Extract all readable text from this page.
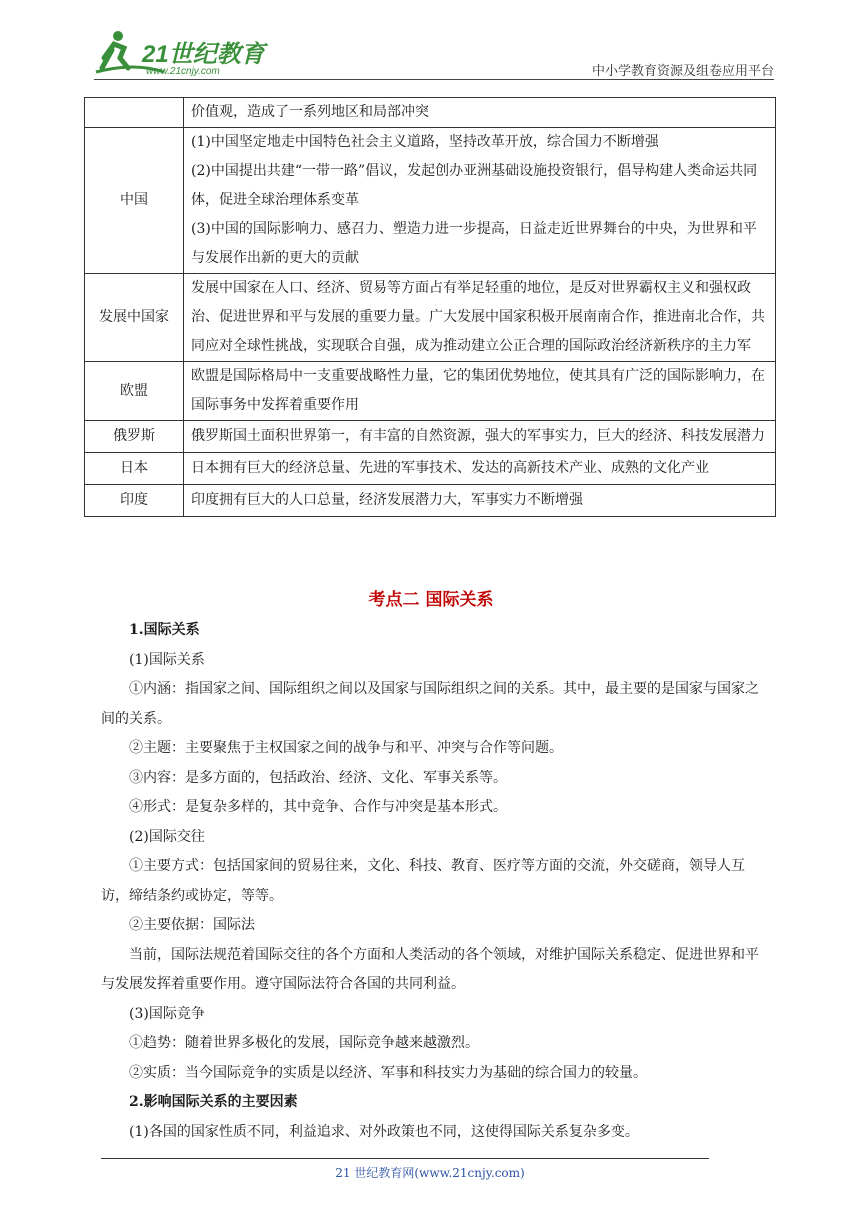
21世纪教育
www.21cnjy.com	中小学教育资源及组卷应用平台

	价值观，造成了一系列地区和局部冲突

中国	(1)中国坚定地走中国特色社会主义道路，坚持改革开放，综合国力不断增强
(2)中国提出共建“一带一路”倡议，发起创办亚洲基础设施投资银行，倡导构建人类命运共同体，促进全球治理体系变革
(3)中国的国际影响力、感召力、塑造力进一步提高，日益走近世界舞台的中央，为世界和平与发展作出新的更大的贡献

发展中国家	发展中国家在人口、经济、贸易等方面占有举足轻重的地位，是反对世界霸权主义和强权政治、促进世界和平与发展的重要力量。广大发展中国家积极开展南南合作，推进南北合作，共同应对全球性挑战，实现联合自强，成为推动建立公正合理的国际政治经济新秩序的主力军

欧盟	欧盟是国际格局中一支重要战略性力量，它的集团优势地位，使其具有广泛的国际影响力，在国际事务中发挥着重要作用

俄罗斯	俄罗斯国土面积世界第一，有丰富的自然资源，强大的军事实力，巨大的经济、科技发展潜力

日本	日本拥有巨大的经济总量、先进的军事技术、发达的高新技术产业、成熟的文化产业

印度	印度拥有巨大的人口总量，经济发展潜力大，军事实力不断增强
考点二 国际关系

1.国际关系

(1)国际关系

①内涵：指国家之间、国际组织之间以及国家与国际组织之间的关系。其中，最主要的是国家与国家之间的关系。

②主题：主要聚焦于主权国家之间的战争与和平、冲突与合作等问题。

③内容：是多方面的，包括政治、经济、文化、军事关系等。

④形式：是复杂多样的，其中竞争、合作与冲突是基本形式。

(2)国际交往

①主要方式：包括国家间的贸易往来，文化、科技、教育、医疗等方面的交流，外交磋商，领导人互访，缔结条约或协定，等等。

②主要依据：国际法

当前，国际法规范着国际交往的各个方面和人类活动的各个领域，对维护国际关系稳定、促进世界和平与发展发挥着重要作用。遵守国际法符合各国的共同利益。

(3)国际竞争

①趋势：随着世界多极化的发展，国际竞争越来越激烈。

②实质：当今国际竞争的实质是以经济、军事和科技实力为基础的综合国力的较量。

2.影响国际关系的主要因素

(1)各国的国家性质不同，利益追求、对外政策也不同，这使得国际关系复杂多变。

21 世纪教育网(www.21cnjy.com)
